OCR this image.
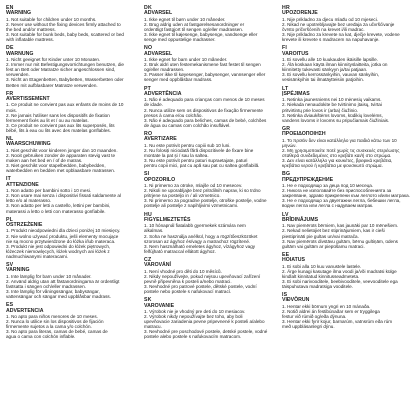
EN
WARNING
1. Not suitable for children under 10 months.
2. Never use without the fixing devices firmly attached to
the bed and/or mattress.
3. Not suitable for bunk beds, baby beds, scattered or bed
with inflatable mattress.
DE
WARNUNG
1. Nicht geeignet für Kinder unter 10 Monaten.
2. Immer nur mit Befestigungsvorrichtungen benutzen, die
fest an Bett oder Matratze sicher angeschlossen sind,
verwenden.
3. Nicht an Etagenbetten, Babybetten, Wasserbetten oder
Betten mit aufblasbarer Matratze verwenden.
FR
AVERTISSEMENT
1. Ce produit ne convient pas aux enfants de moins de 10
mois.
2. Ne jamais l'utiliser sans les dispositifs de fixation
fermement fixés au lit et / ou au matelas.
3. Ce produit ne convient pas aux lits superposés, lits
bébé, lits à eau ou lits avec des matelas gonflables.
NL
WAARSCHUWING
1. Niet geschikt voor kinderen jonger dan 10 maanden.
2. Nooit gebruiken zonder de apparaten stevig vast te
maken aan het bed en / of de matras.
3. Niet geschikt voor stapelbedden, babybedden,
waterbedden en bedden met opblaasbare matrassen.
IT
ATTENZIONE
1. Non adatto per bambini sotto i 10 mesi.
2. Non usare mai senza i dispositivi fissati saldamente al
letto e/o al materasso.
3. Non adatto per letti a castello, lettini per bambini,
materassi a letto o letti con materasso gonfiabile.
PL
OSTRZEŻENIE
1. Produkt nieodpowiedni dla dzieci poniżej 10 miesięcy.
2. Nie wolno używać produktu, jeśli elementy mocujące
nie są mocno przytwierdzone do łóżka i/lub materaca.
3. Produkt nie jest odpowiedni do łóżek piętrowych,
łóżeczek niemowlęcych, łóżek wodnych ani łóżek z
nadmuchiwanymi materacami.
SV
VARNING
1. Inte lämplig för barn under 10 månader.
2. Använd aldrig utan att fästanordningarna är ordentligt
fastsatta i sängen och/eller madrassen.
3. Inte lämplig för våningssängar, babysängar,
vattensängar och sängar med uppblåsbar madrass.
ES
ADVERTENCIA
1. No apto para niños menores de 10 meses.
2. Nunca lo utilice sin los dispositivos de fijación
firmemente sujetos a la cama y/o colchón.
3. No apto para literas, camas de bebé, camas de
agua o cama con colchón inflable.
DK
ADVARSEL
1. Ikke egnet til børn under 10 måneder.
2. Brug aldrig uden at fastgørelsesanordninger er
ordentligt fastgjort til sengen og/eller madrassen.
3. Ikke egnet til køjesenge, babysenge, vandsenge eller
senge med oppustelige madrasser.
NO
ADVARSEL
1. Ikke egnet for barn under 10 måneder.
2. Bruk aldri uten festemekanismene fast festet til sengen
og/eller madrassen.
3. Passer ikke til køyesenger, babysenger, vannsenger eller
senger med oppblåsbar madrass.
PT
ADVERTÊNCIA
1. Não é adequado para crianças com menos de 10 meses
de idade.
2. Nunca utilize sem os dispositivos de fixação firmemente
presos à cama e/ou colchão.
3. Não é adequado para beliches, camas de bebé, colchões
de água ou camas com colchão insuflável.
RO
AVERTIZARE
1. Nu este potrivit pentru copiii sub 10 luni.
2. Nu folosiți niciodată fără dispozitivele de fixare bine
montate la pat și / sau la saltea.
3. Nu este potrivit pentru paturi supraetajate, paturi
pentru copii mici, pat cu apă sau pat cu saltea gonflabilă.
SI
OPOZORILO
1. Ni primerno za otroke, mlajše od 10 mesecev.
2. Nikoli ne uporabljajte brez pritrdilnih naprav, ki so trdno
pritrjene na posteljo in / ali vzmetnico.
3. Ni primerno za pogradne postelje, otroške postelje, vodne
postelje ali postelje z napihljivimi vzmetnicami.
HU
FIGYELMEZTETÉS
1. 10 hónapnál fiatalabb gyermekek számára nem
alkalmas.
2. Soha ne használja anélkül, hogy a rögzítőeszközöket
szorosan az ágyhoz és/vagy a matrachoz rögzítené.
3. Nem használható emeletes ágyhoz, vízágyhoz vagy
felfújható matraccal ellátott ágyhoz.
CZ
VAROVÁNÍ
1. Není vhodné pro děti do 10 měsíců.
2. Nikdy nepoužívejte, pokud nejsou upevňovací zařízení
pevně připevněna k posteli a/nebo matraci.
3. Nevhodné pro patrové postele, dětské postele, vodní
postele nebo postele s nafukovací matrací.
SK
VAROVANIE
1. Výrobok nie je vhodný pre deti do 10 mesiacov.
2. Výrobok nikdy nepoužívajte bez toho, aby boli
upevňovacie zariadenia pevne pripevnené k posteli a/alebo
matracu.
3. Nevhodné pre poschodové postele, detské postele, vodné
postele alebo postele s nafukovacím matracom.
HR
UPOZORENJE
1. Nije prikladno za djecu mlađu od 10 mjeseci.
2. Nikad ne upotrebljavajte bez uređaja za učvršćivanje
čvrsto pričvršćenih na krevet i/ili madrac.
3. Nije prikladno za krevete na kat, dječje krevete, vodene
krevete ili krevete s madracem na napuhavanje.
FI
VAROITUS
1. Ei sovellu alle 10 kuukauden ikäisille lapsille.
2. Älä koskaan käytä ilman kiinnityslaitteita, jotka on
kiinnitetty tukevasti sänkyyn ja/tai patjaan.
3. Ei sovellu kerrossänkyihin, vauvan sänkyihin,
vesisänkyihin tai ilmatäytteisiin patjoihin.
LT
ĮSPĖJIMAS
1. Netinka jaunesniems nei 10 mėnesių vaikams.
2. Niekada nenaudokite be tvirtinimo įtaisų, tvirtai
pritvirtintų prie lovos ir (arba) čiužinio.
3. Netinka dviaukštėms lovoms, kūdikių lovelėms,
vandens lovoms ir lovoms su pripučiamais čiužiniais.
GR
ΠΡΟΕΙΔΟΠΟΙΗΣΗ
1. Το προϊόν δεν είναι κατάλληλο για παιδιά κάτω των 10
μηνών.
2. Μη χρησιμοποιείτε ποτέ χωρίς τις συσκευές στερέωσης
σταθερά συνδεδεμένες στο κρεβάτι και/ή στο στρώμα.
3. Δεν είναι κατάλληλο για κουκέτες, βρεφικά κρεβάτια,
κρεβάτια νερού ή κρεβάτια με φουσκωτό στρώμα.
BG
ПРЕДУПРЕЖДЕНИЕ
1. Не е подходящо за деца под 10 месеца.
2. Никога не използвайте без приспособленията за
закрепване, здраво прикрепени към леглото и/или матрака.
3. Не е подходящо за двуетажни легла, бебешки легла,
водни легла или легла с надуваем матрак.
LV
BRĪDINĀJUMS
1. Nav piemērots bērniem, kas jaunāki par 10 mēnešiem.
2. Nekad nelietojiet bez stiprinājumiem, kas ir cieši
piestiprināti pie gultas un/vai matrača.
3. Nav piemērots divstāvu gultām, bērnu gultiņām, ūdens
gultām vai gultām ar piepūšamu matraci.
EE
HOIATUS
1. Ei sobi alla 10 kuu vanustele lastele.
2. Ärge kunagi kasutage ilma voodi ja/või madratsi külge
kindlalt kinnitatud kinnitusseadmeteta.
3. Ei sobi narivooditele, beebivooditele, veevooditele ega
täispuhutava madratsiga vooditele.
IS
VIÐVÖRUN
1. Hentar ekki börnum yngri en 10 mánaða.
2. Notið aldrei án festibúnaðar sem er tryggilega
festur við rúmið og/eða dýnuna.
3. Hentar ekki fyrir kojur, barnarúm, vatnsrúm eða rúm
með uppblásanlegri dýnu.
